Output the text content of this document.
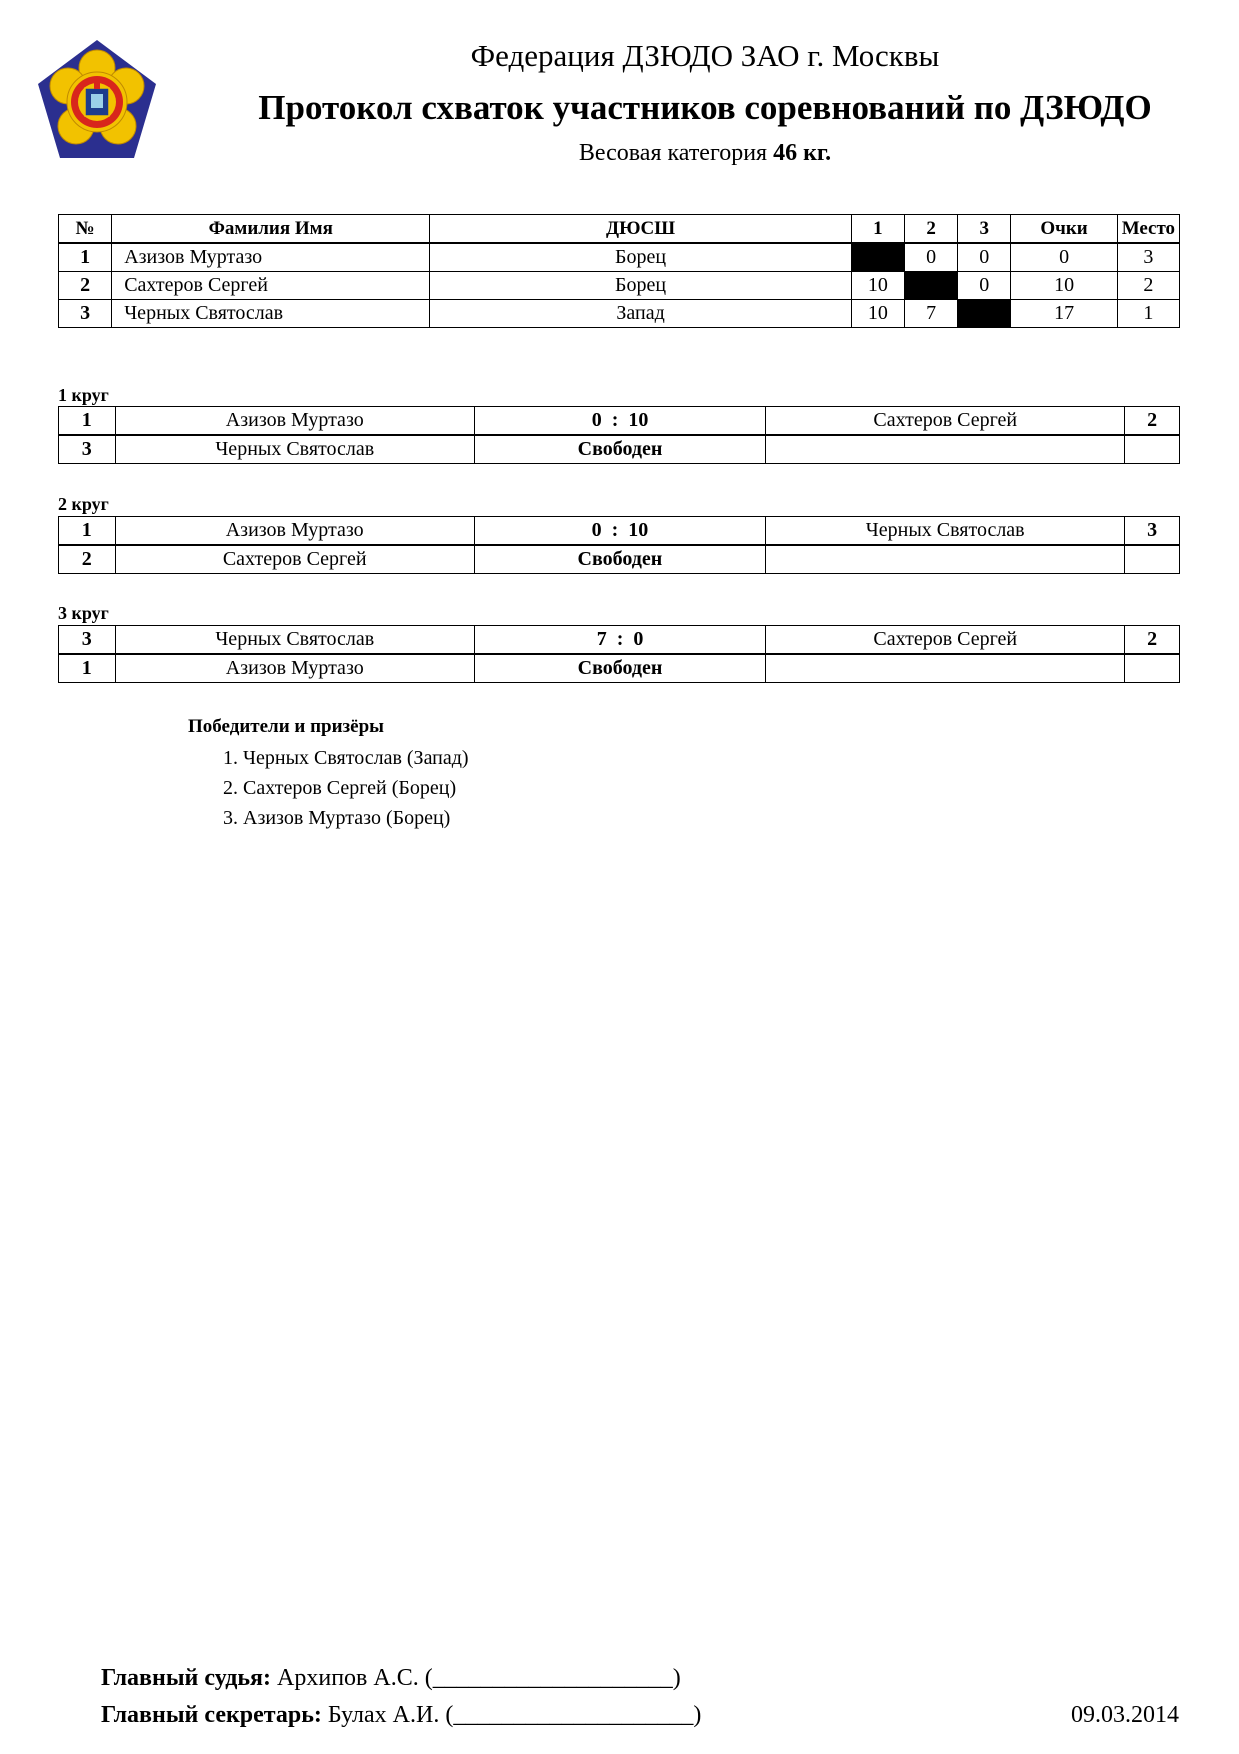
Федерация ДЗЮДО ЗАО г. Москвы
Протокол схваток участников соревнований по ДЗЮДО
Весовая категория 46 кг.
№	Фамилия Имя	ДЮСШ	1	2	3	Очки	Место
1	Азизов Муртазо	Борец		0	0	0	3
2	Сахтеров Сергей	Борец	10		0	10	2
3	Черных Святослав	Запад	10	7		17	1
1 круг
1	Азизов Муртазо	0  :  10	Сахтеров Сергей	2
3	Черных Святослав	Свободен		
2 круг
1	Азизов Муртазо	0  :  10	Черных Святослав	3
2	Сахтеров Сергей	Свободен		
3 круг
3	Черных Святослав	7  :  0	Сахтеров Сергей	2
1	Азизов Муртазо	Свободен		
Победители и призёры
1. Черных Святослав (Запад)
2. Сахтеров Сергей (Борец)
3. Азизов Муртазо (Борец)
Главный судья: Архипов А.С. (____________________)
Главный секретарь: Булах А.И. (____________________)	09.03.2014
